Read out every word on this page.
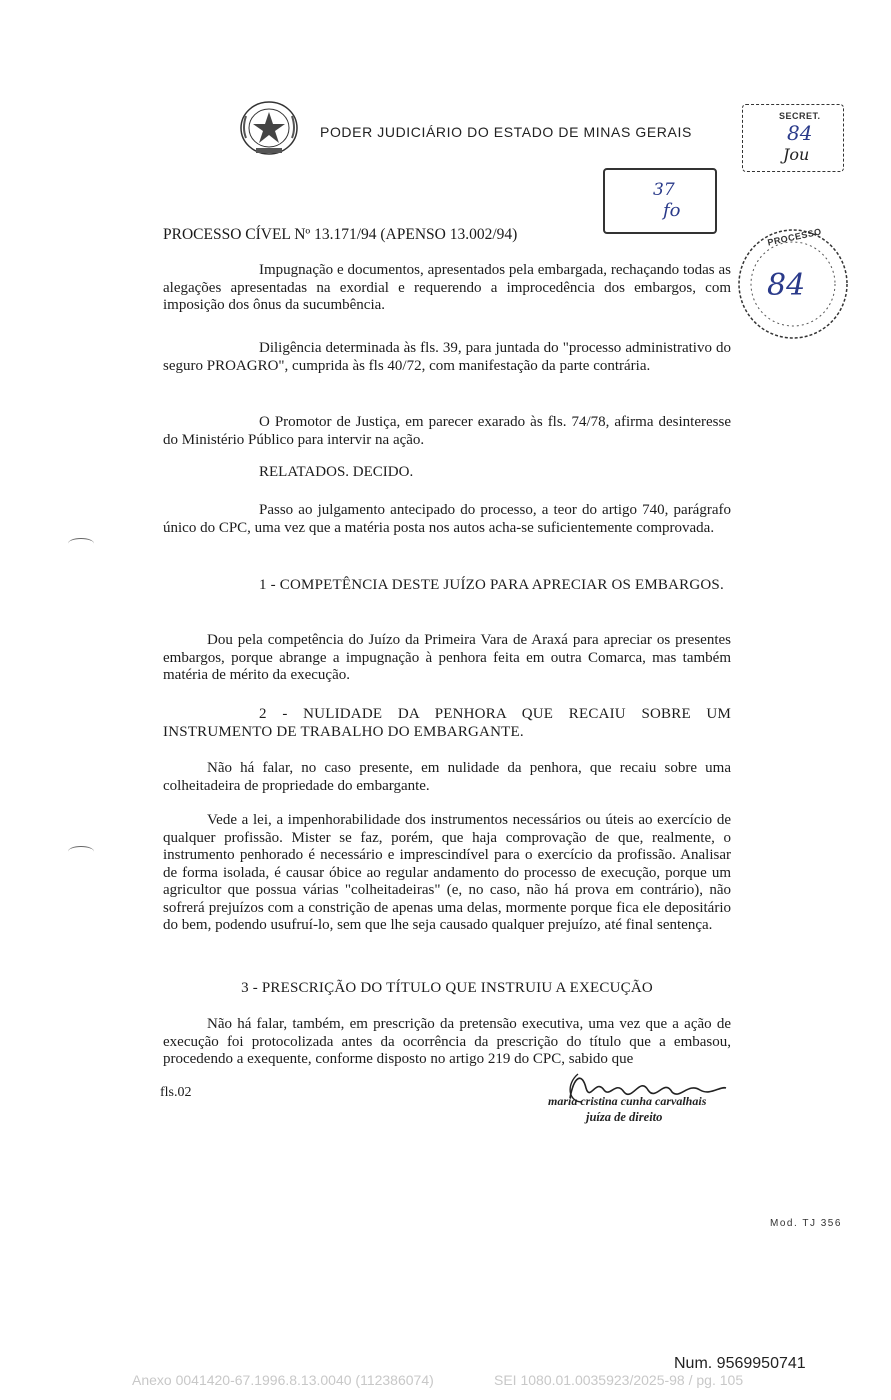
PODER JUDICIÁRIO DO ESTADO DE MINAS GERAIS
SECRET.
84
Jou
37
fo
PROCESSO
84
PROCESSO CÍVEL Nº 13.171/94 (APENSO 13.002/94)
Impugnação e documentos, apresentados pela embargada, rechaçando todas as alegações apresentadas na exordial e requerendo a improcedência dos embargos, com imposição dos ônus da sucumbência.
Diligência determinada às fls. 39, para juntada do "processo administrativo do seguro PROAGRO", cumprida às fls 40/72, com manifestação da parte contrária.
O Promotor de Justiça, em parecer exarado às fls. 74/78, afirma desinteresse do Ministério Público para intervir na ação.
RELATADOS. DECIDO.
Passo ao julgamento antecipado do processo, a teor do artigo 740, parágrafo único do CPC, uma vez que a matéria posta nos autos acha-se suficientemente comprovada.
1 - COMPETÊNCIA DESTE JUÍZO PARA APRECIAR OS EMBARGOS.
Dou pela competência do Juízo da Primeira Vara de Araxá para apreciar os presentes embargos, porque abrange a impugnação à penhora feita em outra Comarca, mas também matéria de mérito da execução.
2 - NULIDADE DA PENHORA QUE RECAIU SOBRE UM INSTRUMENTO DE TRABALHO DO EMBARGANTE.
Não há falar, no caso presente, em nulidade da penhora, que recaiu sobre uma colheitadeira de propriedade do embargante.
Vede a lei, a impenhorabilidade dos instrumentos necessários ou úteis ao exercício de qualquer profissão. Mister se faz, porém, que haja comprovação de que, realmente, o instrumento penhorado é necessário e imprescindível para o exercício da profissão. Analisar de forma isolada, é causar óbice ao regular andamento do processo de execução, porque um agricultor que possua várias "colheitadeiras" (e, no caso, não há prova em contrário), não sofrerá prejuízos com a constrição de apenas uma delas, mormente porque fica ele depositário do bem, podendo usufruí-lo, sem que lhe seja causado qualquer prejuízo, até final sentença.
3 - PRESCRIÇÃO DO TÍTULO QUE INSTRUIU A EXECUÇÃO
Não há falar, também, em prescrição da pretensão executiva, uma vez que a ação de execução foi protocolizada antes da ocorrência da prescrição do título que a embasou, procedendo a exequente, conforme disposto no artigo 219 do CPC, sabido que
fls.02
maria cristina cunha carvalhais
juíza de direito
Mod. TJ 356
Num. 9569950741
Anexo 0041420-67.1996.8.13.0040 (112386074)	SEI 1080.01.0035923/2025-98 / pg. 105
